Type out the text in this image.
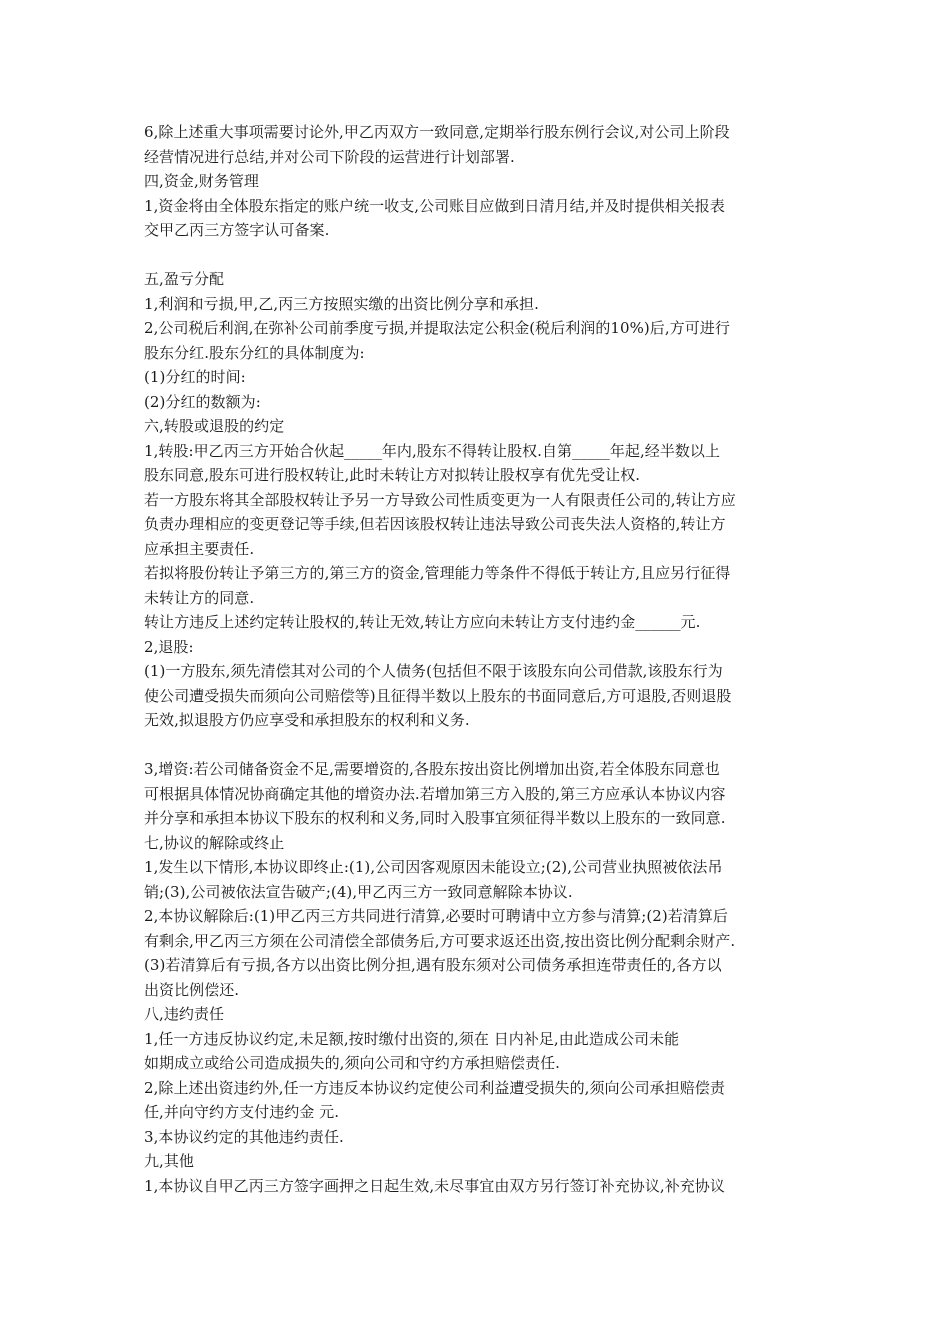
6,除上述重大事项需要讨论外,甲乙丙双方一致同意,定期举行股东例行会议,对公司上阶段
经营情况进行总结,并对公司下阶段的运营进行计划部署.
四,资金,财务管理
1,资金将由全体股东指定的账户统一收支,公司账目应做到日清月结,并及时提供相关报表
交甲乙丙三方签字认可备案.
五,盈亏分配
1,利润和亏损,甲,乙,丙三方按照实缴的出资比例分享和承担.
2,公司税后利润,在弥补公司前季度亏损,并提取法定公积金(税后利润的10%)后,方可进行
股东分红.股东分红的具体制度为:
(1)分红的时间:
(2)分红的数额为:
六,转股或退股的约定
1,转股:甲乙丙三方开始合伙起_____年内,股东不得转让股权.自第_____年起,经半数以上
股东同意,股东可进行股权转让,此时未转让方对拟转让股权享有优先受让权.
若一方股东将其全部股权转让予另一方导致公司性质变更为一人有限责任公司的,转让方应
负责办理相应的变更登记等手续,但若因该股权转让违法导致公司丧失法人资格的,转让方
应承担主要责任.
若拟将股份转让予第三方的,第三方的资金,管理能力等条件不得低于转让方,且应另行征得
未转让方的同意.
转让方违反上述约定转让股权的,转让无效,转让方应向未转让方支付违约金______元.
2,退股:
(1)一方股东,须先清偿其对公司的个人债务(包括但不限于该股东向公司借款,该股东行为
使公司遭受损失而须向公司赔偿等)且征得半数以上股东的书面同意后,方可退股,否则退股
无效,拟退股方仍应享受和承担股东的权利和义务.
3,增资:若公司储备资金不足,需要增资的,各股东按出资比例增加出资,若全体股东同意也
可根据具体情况协商确定其他的增资办法.若增加第三方入股的,第三方应承认本协议内容
并分享和承担本协议下股东的权利和义务,同时入股事宜须征得半数以上股东的一致同意.
七,协议的解除或终止
1,发生以下情形,本协议即终止:(1),公司因客观原因未能设立;(2),公司营业执照被依法吊
销;(3),公司被依法宣告破产;(4),甲乙丙三方一致同意解除本协议.
2,本协议解除后:(1)甲乙丙三方共同进行清算,必要时可聘请中立方参与清算;(2)若清算后
有剩余,甲乙丙三方须在公司清偿全部债务后,方可要求返还出资,按出资比例分配剩余财产.
(3)若清算后有亏损,各方以出资比例分担,遇有股东须对公司债务承担连带责任的,各方以
出资比例偿还.
八,违约责任
1,任一方违反协议约定,未足额,按时缴付出资的,须在 日内补足,由此造成公司未能
如期成立或给公司造成损失的,须向公司和守约方承担赔偿责任.
2,除上述出资违约外,任一方违反本协议约定使公司利益遭受损失的,须向公司承担赔偿责
任,并向守约方支付违约金 元.
3,本协议约定的其他违约责任.
九,其他
1,本协议自甲乙丙三方签字画押之日起生效,未尽事宜由双方另行签订补充协议,补充协议
